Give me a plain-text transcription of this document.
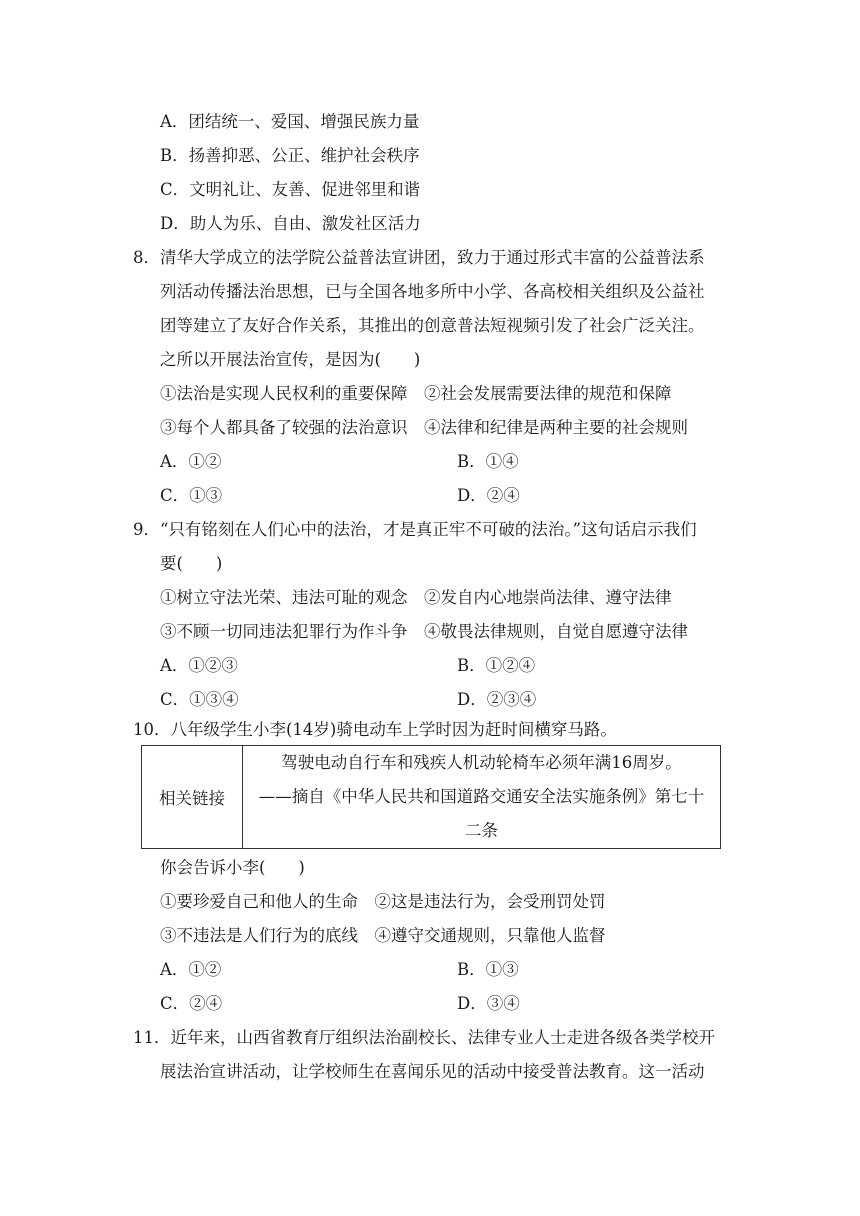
A．团结统一、爱国、增强民族力量
B．扬善抑恶、公正、维护社会秩序
C．文明礼让、友善、促进邻里和谐
D．助人为乐、自由、激发社区活力
8．清华大学成立的法学院公益普法宣讲团，致力于通过形式丰富的公益普法系
列活动传播法治思想，已与全国各地多所中小学、各高校相关组织及公益社
团等建立了友好合作关系，其推出的创意普法短视频引发了社会广泛关注。
之所以开展法治宣传，是因为(　　)
①法治是实现人民权利的重要保障　②社会发展需要法律的规范和保障
③每个人都具备了较强的法治意识　④法律和纪律是两种主要的社会规则
A．①②	B．①④
C．①③	D．②④
9．“只有铭刻在人们心中的法治，才是真正牢不可破的法治。”这句话启示我们
要(　　)
①树立守法光荣、违法可耻的观念　②发自内心地崇尚法律、遵守法律
③不顾一切同违法犯罪行为作斗争　④敬畏法律规则，自觉自愿遵守法律
A．①②③	B．①②④
C．①③④	D．②③④
10．八年级学生小李(14岁)骑电动车上学时因为赶时间横穿马路。
相关链接	
驾驶电动自行车和残疾人机动轮椅车必须年满16周岁。
——摘自《中华人民共和国道路交通安全法实施条例》第七十
二条
你会告诉小李(　　)
①要珍爱自己和他人的生命　②这是违法行为，会受刑罚处罚
③不违法是人们行为的底线　④遵守交通规则，只靠他人监督
A．①②	B．①③
C．②④	D．③④
11．近年来，山西省教育厅组织法治副校长、法律专业人士走进各级各类学校开
展法治宣讲活动，让学校师生在喜闻乐见的活动中接受普法教育。这一活动
